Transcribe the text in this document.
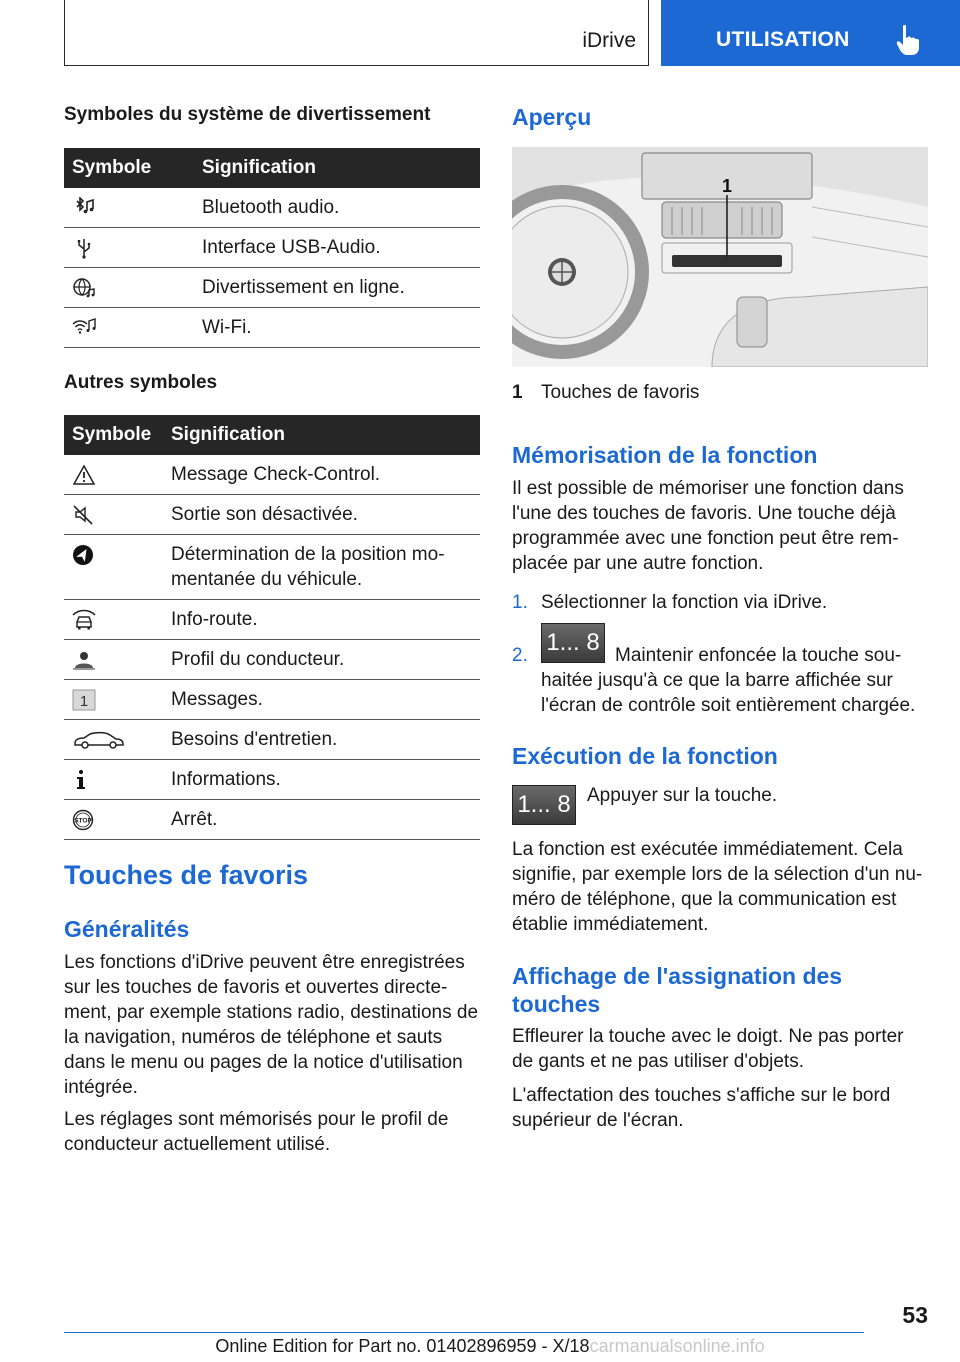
iDrive	UTILISATION
Symboles du système de divertissement
Symbole	Signification
	Bluetooth audio.
	Interface USB-Audio.
	Divertissement en ligne.
	Wi-Fi.
Autres symboles
Symbole	Signification
	Message Check-Control.
	Sortie son désactivée.
	Détermination de la position mo-mentanée du véhicule.
	Info-route.
	Profil du conducteur.

1	Messages.
	Besoins d'entretien.
	Informations.

STOP	Arrêt.
Touches de favoris
Généralités
Les fonctions d'iDrive peuvent être enregistrées sur les touches de favoris et ouvertes directe-ment, par exemple stations radio, destinations de la navigation, numéros de téléphone et sauts dans le menu ou pages de la notice d'utilisation intégrée.
Les réglages sont mémorisés pour le profil de conducteur actuellement utilisé.
Aperçu
1
1 Touches de favoris
Mémorisation de la fonction
Il est possible de mémoriser une fonction dans l'une des touches de favoris. Une touche déjà programmée avec une fonction peut être rem-placée par une autre fonction.
1. Sélectionner la fonction via iDrive.
2. 1... 8 Maintenir enfoncée la touche sou-
haitée jusqu'à ce que la barre affichée sur l'écran de contrôle soit entièrement chargée.
Exécution de la fonction
1... 8 Appuyer sur la touche.
La fonction est exécutée immédiatement. Cela signifie, par exemple lors de la sélection d'un nu-méro de téléphone, que la communication est établie immédiatement.
Affichage de l'assignation des touches
Effleurer la touche avec le doigt. Ne pas porter de gants et ne pas utiliser d'objets.
L'affectation des touches s'affiche sur le bord supérieur de l'écran.
53
Online Edition for Part no. 01402896959 - X/18carmanualsonline.info
